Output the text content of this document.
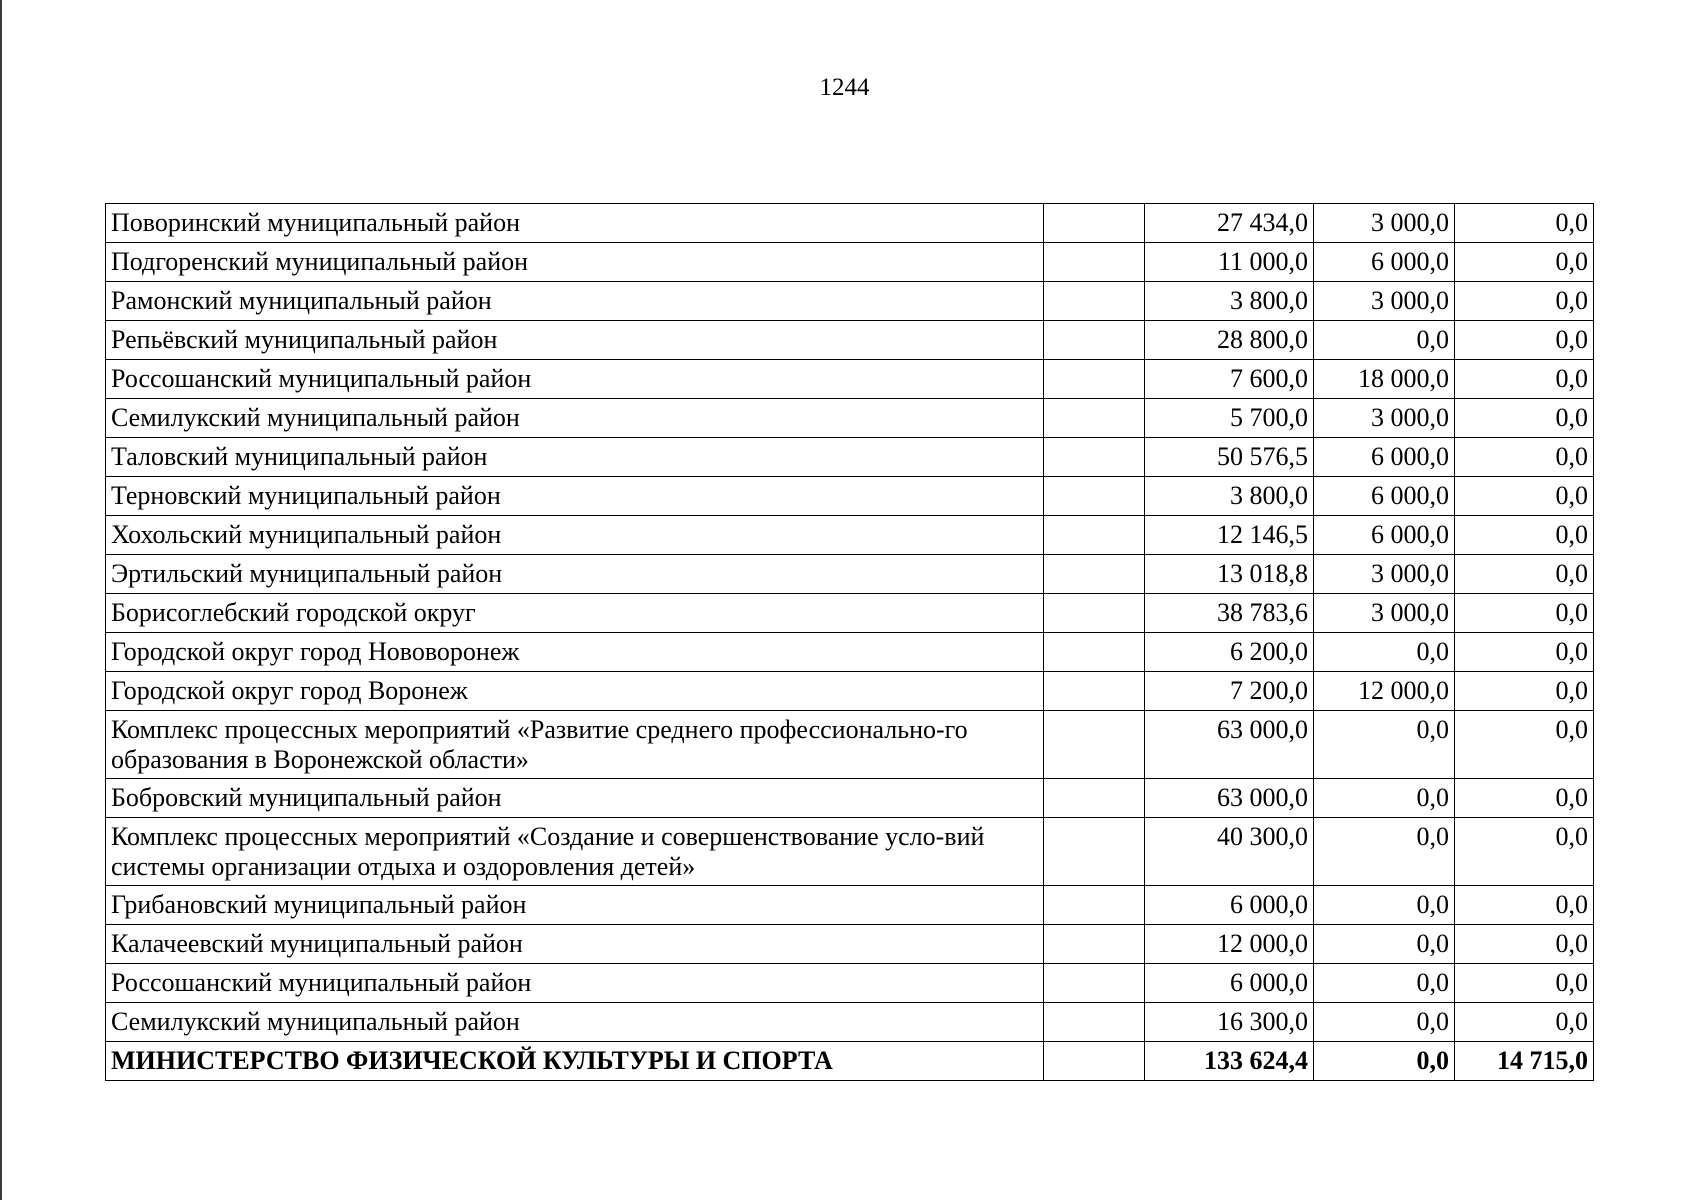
1244
Поворинский муниципальный район		27 434,0	3 000,0	0,0
Подгоренский муниципальный район		11 000,0	6 000,0	0,0
Рамонский муниципальный район		3 800,0	3 000,0	0,0
Репьёвский муниципальный район		28 800,0	0,0	0,0
Россошанский муниципальный район		7 600,0	18 000,0	0,0
Семилукский муниципальный район		5 700,0	3 000,0	0,0
Таловский муниципальный район		50 576,5	6 000,0	0,0
Терновский муниципальный район		3 800,0	6 000,0	0,0
Хохольский муниципальный район		12 146,5	6 000,0	0,0
Эртильский муниципальный район		13 018,8	3 000,0	0,0
Борисоглебский городской округ		38 783,6	3 000,0	0,0
Городской округ город Нововоронеж		6 200,0	0,0	0,0
Городской округ город Воронеж		7 200,0	12 000,0	0,0
Комплекс процессных мероприятий «Развитие среднего профессионально-го образования в Воронежской области»		63 000,0	0,0	0,0
Бобровский муниципальный район		63 000,0	0,0	0,0
Комплекс процессных мероприятий «Создание и совершенствование усло-вий системы организации отдыха и оздоровления детей»		40 300,0	0,0	0,0
Грибановский муниципальный район		6 000,0	0,0	0,0
Калачеевский муниципальный район		12 000,0	0,0	0,0
Россошанский муниципальный район		6 000,0	0,0	0,0
Семилукский муниципальный район		16 300,0	0,0	0,0
МИНИСТЕРСТВО ФИЗИЧЕСКОЙ КУЛЬТУРЫ И СПОРТА		133 624,4	0,0	14 715,0
